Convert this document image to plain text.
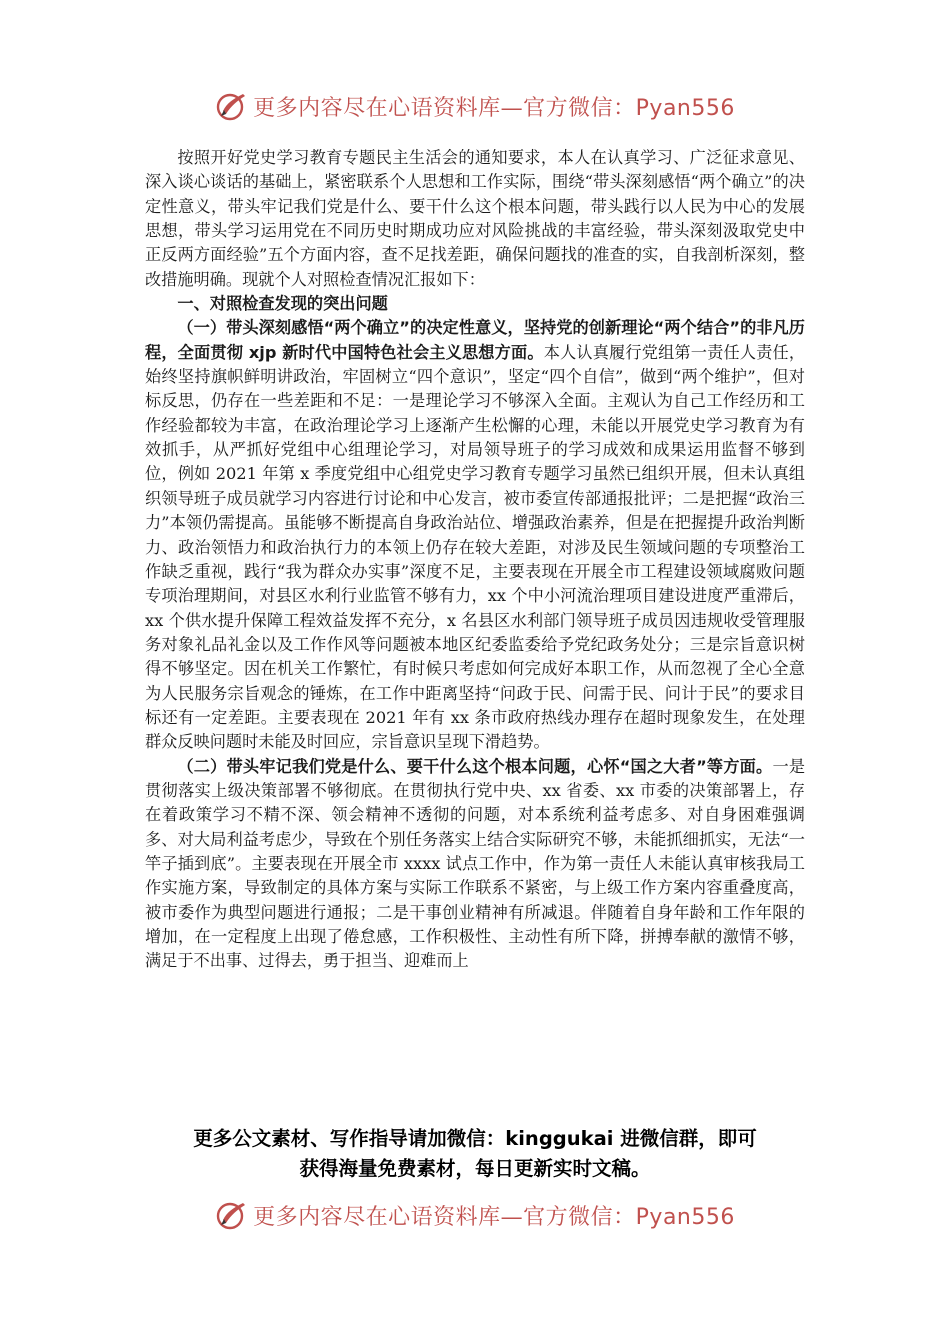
更多内容尽在心语资料库—官方微信：Pyan556

按照开好党史学习教育专题民主生活会的通知要求，本人在认真学习、广泛征求意见、深入谈心谈话的基础上，紧密联系个人思想和工作实际，围绕“带头深刻感悟“两个确立”的决定性意义，带头牢记我们党是什么、要干什么这个根本问题，带头践行以人民为中心的发展思想，带头学习运用党在不同历史时期成功应对风险挑战的丰富经验，带头深刻汲取党史中正反两方面经验”五个方面内容，查不足找差距，确保问题找的准查的实，自我剖析深刻，整改措施明确。现就个人对照检查情况汇报如下：

一、对照检查发现的突出问题

（一）带头深刻感悟“两个确立”的决定性意义，坚持党的创新理论“两个结合”的非凡历程，全面贯彻 xjp 新时代中国特色社会主义思想方面。本人认真履行党组第一责任人责任，始终坚持旗帜鲜明讲政治，牢固树立“四个意识”，坚定“四个自信”，做到“两个维护”，但对标反思，仍存在一些差距和不足：一是理论学习不够深入全面。主观认为自己工作经历和工作经验都较为丰富，在政治理论学习上逐渐产生松懈的心理，未能以开展党史学习教育为有效抓手，从严抓好党组中心组理论学习，对局领导班子的学习成效和成果运用监督不够到位，例如 2021 年第 x 季度党组中心组党史学习教育专题学习虽然已组织开展，但未认真组织领导班子成员就学习内容进行讨论和中心发言，被市委宣传部通报批评；二是把握“政治三力”本领仍需提高。虽能够不断提高自身政治站位、增强政治素养，但是在把握提升政治判断力、政治领悟力和政治执行力的本领上仍存在较大差距，对涉及民生领域问题的专项整治工作缺乏重视，践行“我为群众办实事”深度不足，主要表现在开展全市工程建设领域腐败问题专项治理期间，对县区水利行业监管不够有力，xx 个中小河流治理项目建设进度严重滞后，xx 个供水提升保障工程效益发挥不充分，x 名县区水利部门领导班子成员因违规收受管理服务对象礼品礼金以及工作作风等问题被本地区纪委监委给予党纪政务处分；三是宗旨意识树得不够坚定。因在机关工作繁忙，有时候只考虑如何完成好本职工作，从而忽视了全心全意为人民服务宗旨观念的锤炼，在工作中距离坚持“问政于民、问需于民、问计于民”的要求目标还有一定差距。主要表现在 2021 年有 xx 条市政府热线办理存在超时现象发生，在处理群众反映问题时未能及时回应，宗旨意识呈现下滑趋势。

（二）带头牢记我们党是什么、要干什么这个根本问题，心怀“国之大者”等方面。一是贯彻落实上级决策部署不够彻底。在贯彻执行党中央、xx 省委、xx 市委的决策部署上，存在着政策学习不精不深、领会精神不透彻的问题，对本系统利益考虑多、对自身困难强调多、对大局利益考虑少，导致在个别任务落实上结合实际研究不够，未能抓细抓实，无法“一竿子插到底”。主要表现在开展全市 xxxx 试点工作中，作为第一责任人未能认真审核我局工作实施方案，导致制定的具体方案与实际工作联系不紧密，与上级工作方案内容重叠度高，被市委作为典型问题进行通报；二是干事创业精神有所减退。伴随着自身年龄和工作年限的增加，在一定程度上出现了倦怠感，工作积极性、主动性有所下降，拼搏奉献的激情不够，满足于不出事、过得去，勇于担当、迎难而上

更多公文素材、写作指导请加微信：kinggukai 进微信群，即可
获得海量免费素材，每日更新实时文稿。
更多内容尽在心语资料库—官方微信：Pyan556
